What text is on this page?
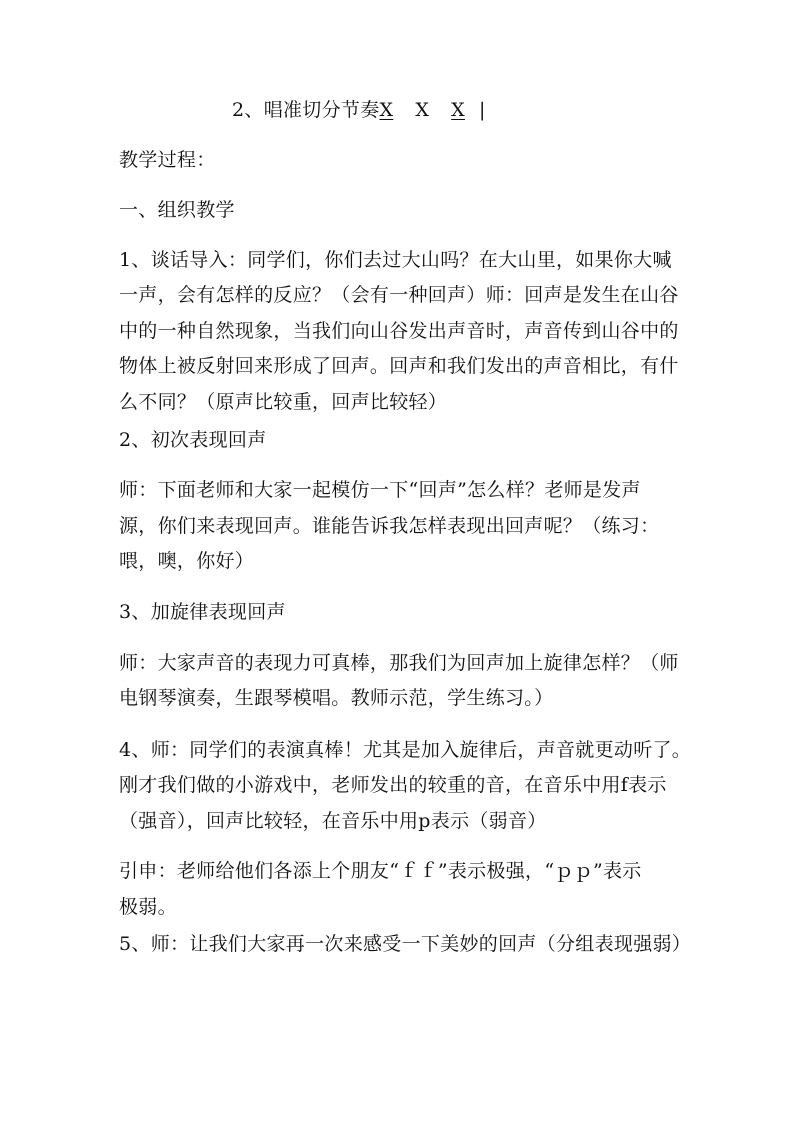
2、唱准切分节奏X X X |
教学过程：
一、组织教学
1、谈话导入：同学们，你们去过大山吗？在大山里，如果你大喊
一声，会有怎样的反应？（会有一种回声）师：回声是发生在山谷
中的一种自然现象，当我们向山谷发出声音时，声音传到山谷中的
物体上被反射回来形成了回声。回声和我们发出的声音相比，有什
么不同？（原声比较重，回声比较轻）
2、初次表现回声
师：下面老师和大家一起模仿一下“回声”怎么样？老师是发声
源，你们来表现回声。谁能告诉我怎样表现出回声呢？（练习：
喂，噢，你好）
3、加旋律表现回声
师：大家声音的表现力可真棒，那我们为回声加上旋律怎样？（师
电钢琴演奏，生跟琴模唱。教师示范，学生练习。）
4、师：同学们的表演真棒！尤其是加入旋律后，声音就更动听了。
刚才我们做的小游戏中，老师发出的较重的音，在音乐中用f表示
（强音），回声比较轻，在音乐中用p表示（弱音）
引申：老师给他们各添上个朋友“ｆｆ”表示极强，“ｐｐ”表示
极弱。
5、师：让我们大家再一次来感受一下美妙的回声（分组表现强弱）
